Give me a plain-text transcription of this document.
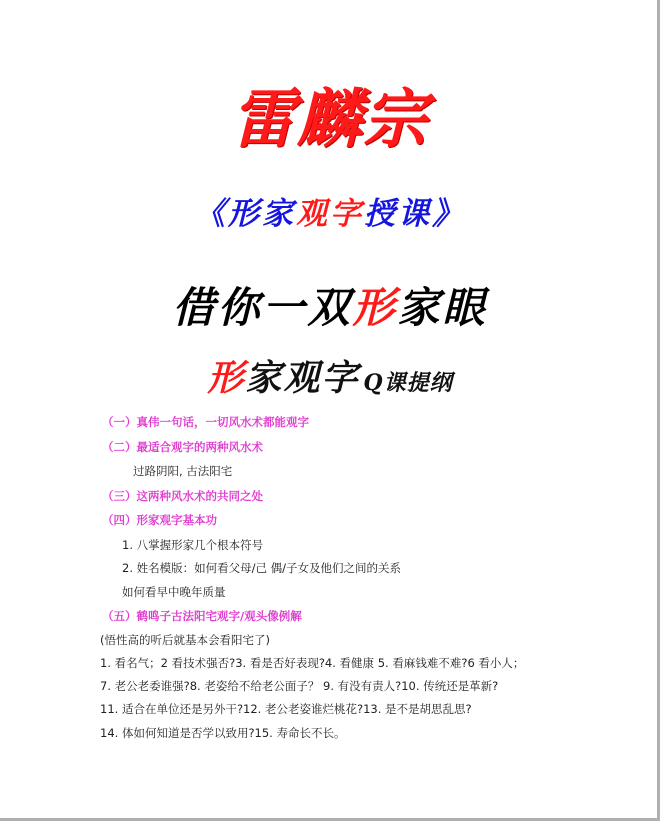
雷麟宗
《形家观字授课》
借你一双形家眼
形家观字 Q课提纲
（一）真伟一句话，一切风水术都能观字
（二）最适合观字的两种风水术
过路阴阳, 古法阳宅
（三）这两种风水术的共同之处
（四）形家观字基本功
1. 八掌握形家几个根本符号
2. 姓名模版：如何看父母/己 偶/子女及他们之间的关系
如何看早中晚年质量
（五）鹤鸣子古法阳宅观字/观头像例解
(悟性高的听后就基本会看阳宅了)
1. 看名气；2 看技术强否?3. 看是否好表现?4. 看健康 5. 看麻钱难不难?6 看小人；
7. 老公老委谁强?8. 老姿给不给老公面子？ 9. 有没有责人?10. 传统还是革新?
11. 适合在单位还是另外干?12. 老公老姿谁烂桃花?13. 是不是胡思乱思?
14. 体如何知道是否学以致用?15. 寿命长不长。
